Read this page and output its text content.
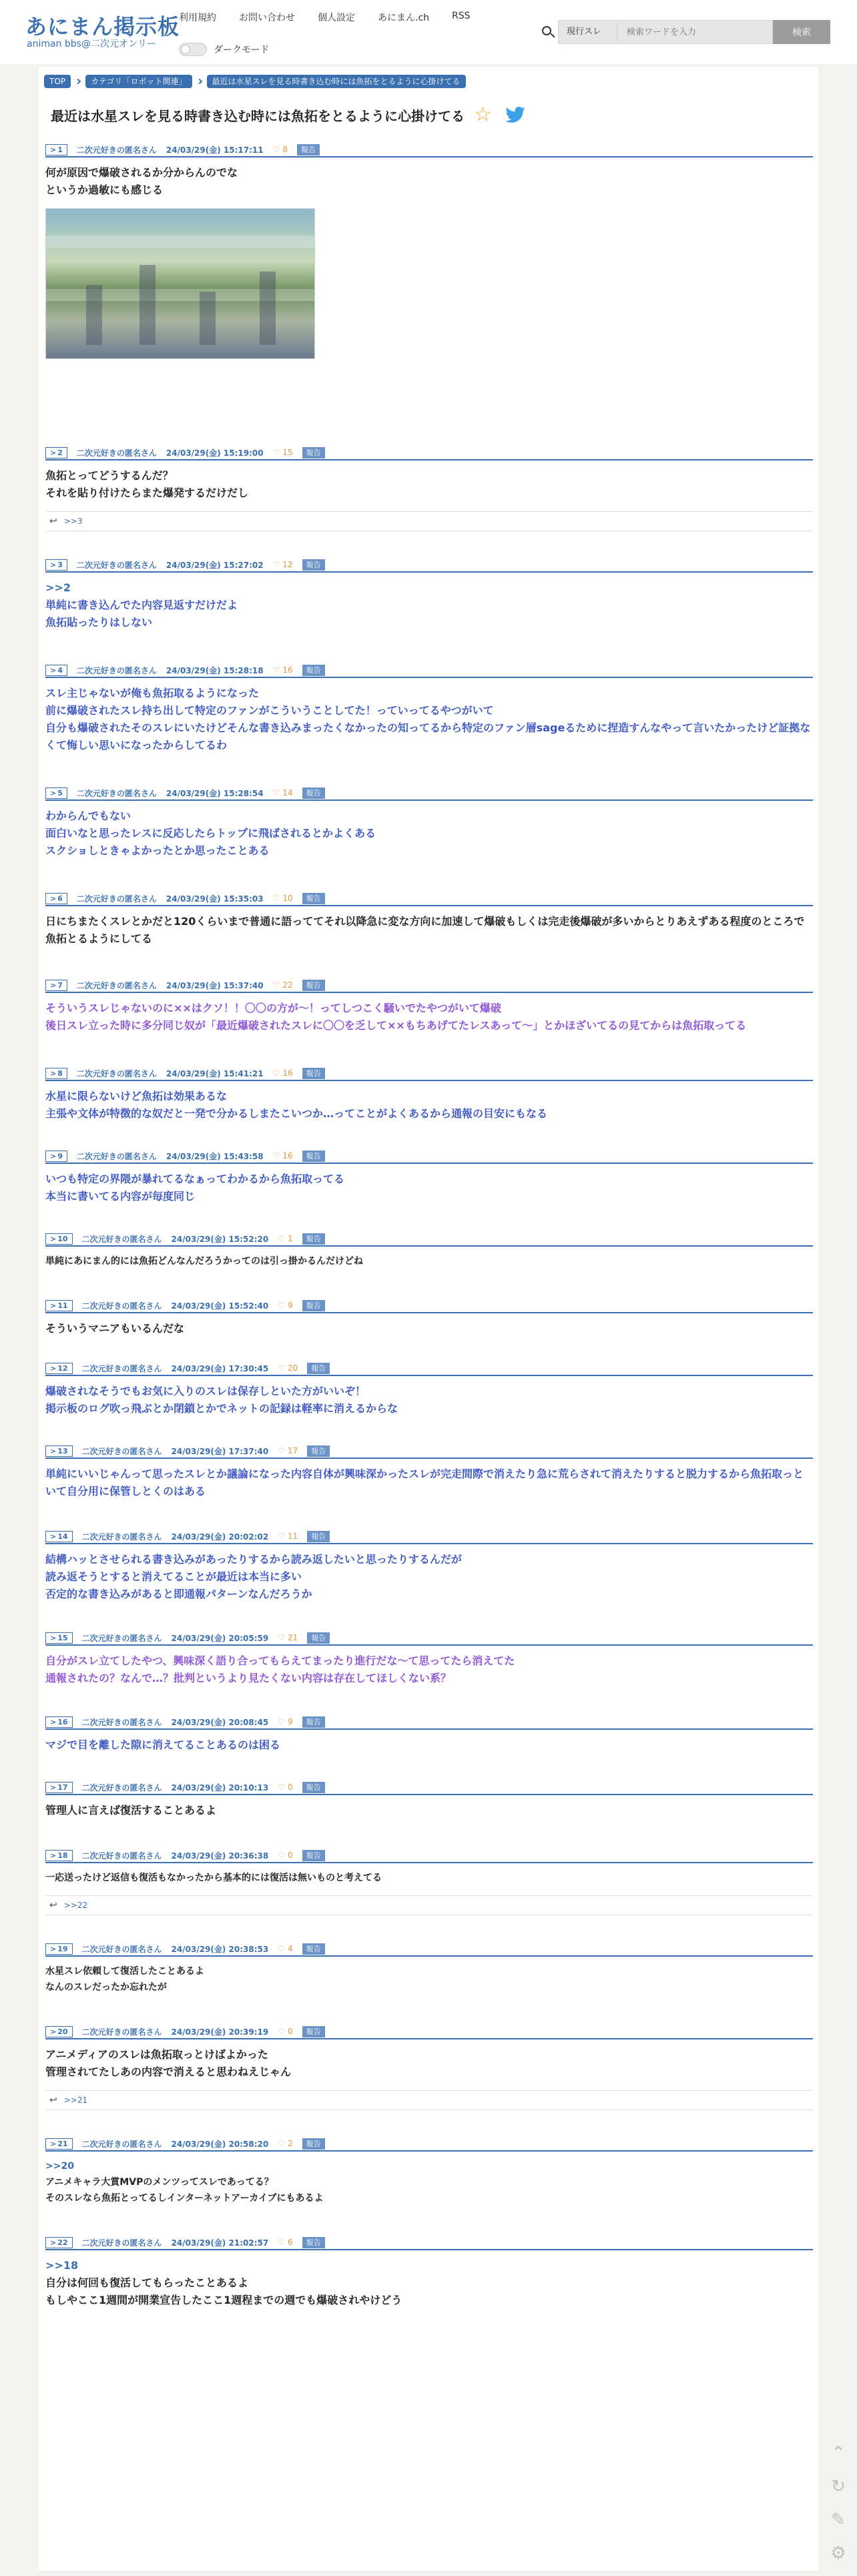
あにまん掲示板
animan bbs@二次元オンリー
利用規約 お問い合わせ 個人設定 あにまん.ch RSS
ダークモード
現行スレ
検索ワードを入力	検索
TOP	カテゴリ「ロボット関連」	最近は水星スレを見る時書き込む時には魚拓をとるように心掛けてる
最近は水星スレを見る時書き込む時には魚拓をとるように心掛けてる ☆
> 1	二次元好きの匿名さん 24/03/29(金) 15:17:11 ♡ 8	報告
何が原因で爆破されるか分からんのでな
というか過敏にも感じる
> 2	二次元好きの匿名さん 24/03/29(金) 15:19:00 ♡ 15	報告
魚拓とってどうするんだ？
それを貼り付けたらまた爆発するだけだし
↩ >>3
> 3	二次元好きの匿名さん 24/03/29(金) 15:27:02 ♡ 12	報告
>>2
単純に書き込んでた内容見返すだけだよ
魚拓貼ったりはしない
> 4	二次元好きの匿名さん 24/03/29(金) 15:28:18 ♡ 16	報告
スレ主じゃないが俺も魚拓取るようになった
前に爆破されたスレ持ち出して特定のファンがこういうことしてた！っていってるやつがいて
自分も爆破されたそのスレにいたけどそんな書き込みまったくなかったの知ってるから特定のファン層sageるために捏造すんなやって言いたかったけど証拠なくて悔しい思いになったからしてるわ
> 5	二次元好きの匿名さん 24/03/29(金) 15:28:54 ♡ 14	報告
わからんでもない
面白いなと思ったレスに反応したらトップに飛ばされるとかよくある
スクショしときゃよかったとか思ったことある
> 6	二次元好きの匿名さん 24/03/29(金) 15:35:03 ♡ 10	報告
日にちまたくスレとかだと120くらいまで普通に語っててそれ以降急に変な方向に加速して爆破もしくは完走後爆破が多いからとりあえずある程度のところで魚拓とるようにしてる
> 7	二次元好きの匿名さん 24/03/29(金) 15:37:40 ♡ 22	報告
そういうスレじゃないのに××はクソ！！〇〇の方が～！ってしつこく騒いでたやつがいて爆破
後日スレ立った時に多分同じ奴が「最近爆破されたスレに〇〇を乏して××もちあげてたレスあって～」とかほざいてるの見てからは魚拓取ってる
> 8	二次元好きの匿名さん 24/03/29(金) 15:41:21 ♡ 16	報告
水星に限らないけど魚拓は効果あるな
主張や文体が特徴的な奴だと一発で分かるしまたこいつか…ってことがよくあるから通報の目安にもなる
> 9	二次元好きの匿名さん 24/03/29(金) 15:43:58 ♡ 16	報告
いつも特定の界隈が暴れてるなぁってわかるから魚拓取ってる
本当に書いてる内容が毎度同じ
> 10	二次元好きの匿名さん 24/03/29(金) 15:52:20 ♡ 1	報告
単純にあにまん的には魚拓どんなんだろうかってのは引っ掛かるんだけどね
> 11	二次元好きの匿名さん 24/03/29(金) 15:52:40 ♡ 9	報告
そういうマニアもいるんだな
> 12	二次元好きの匿名さん 24/03/29(金) 17:30:45 ♡ 20	報告
爆破されなそうでもお気に入りのスレは保存しといた方がいいぞ！
掲示板のログ吹っ飛ぶとか閉鎖とかでネットの記録は軽率に消えるからな
> 13	二次元好きの匿名さん 24/03/29(金) 17:37:40 ♡ 17	報告
単純にいいじゃんって思ったスレとか議論になった内容自体が興味深かったスレが完走間際で消えたり急に荒らされて消えたりすると脱力するから魚拓取っといて自分用に保管しとくのはある
> 14	二次元好きの匿名さん 24/03/29(金) 20:02:02 ♡ 11	報告
結構ハッとさせられる書き込みがあったりするから読み返したいと思ったりするんだが
読み返そうとすると消えてることが最近は本当に多い
否定的な書き込みがあると即通報パターンなんだろうか
> 15	二次元好きの匿名さん 24/03/29(金) 20:05:59 ♡ 21	報告
自分がスレ立てしたやつ、興味深く語り合ってもらえてまったり進行だな～て思ってたら消えてた
通報されたの？なんで…？批判というより見たくない内容は存在してほしくない系？
> 16	二次元好きの匿名さん 24/03/29(金) 20:08:45 ♡ 9	報告
マジで目を離した隙に消えてることあるのは困る
> 17	二次元好きの匿名さん 24/03/29(金) 20:10:13 ♡ 0	報告
管理人に言えば復活することあるよ
> 18	二次元好きの匿名さん 24/03/29(金) 20:36:38 ♡ 0	報告
一応送ったけど返信も復活もなかったから基本的には復活は無いものと考えてる
↩ >>22
> 19	二次元好きの匿名さん 24/03/29(金) 20:38:53 ♡ 4	報告
水星スレ依頼して復活したことあるよ
なんのスレだったか忘れたが
> 20	二次元好きの匿名さん 24/03/29(金) 20:39:19 ♡ 0	報告
アニメディアのスレは魚拓取っとけばよかった
管理されてたしあの内容で消えると思わねえじゃん
↩ >>21
> 21	二次元好きの匿名さん 24/03/29(金) 20:58:20 ♡ 2	報告
>>20
アニメキャラ大賞MVPのメンツってスレであってる？
そのスレなら魚拓とってるしインターネットアーカイブにもあるよ
> 22	二次元好きの匿名さん 24/03/29(金) 21:02:57 ♡ 6	報告
>>18
自分は何回も復活してもらったことあるよ
もしやここ1週間が開業宣告したここ1週程までの週でも爆破されやけどう
⌃
↻
✎
⚙
